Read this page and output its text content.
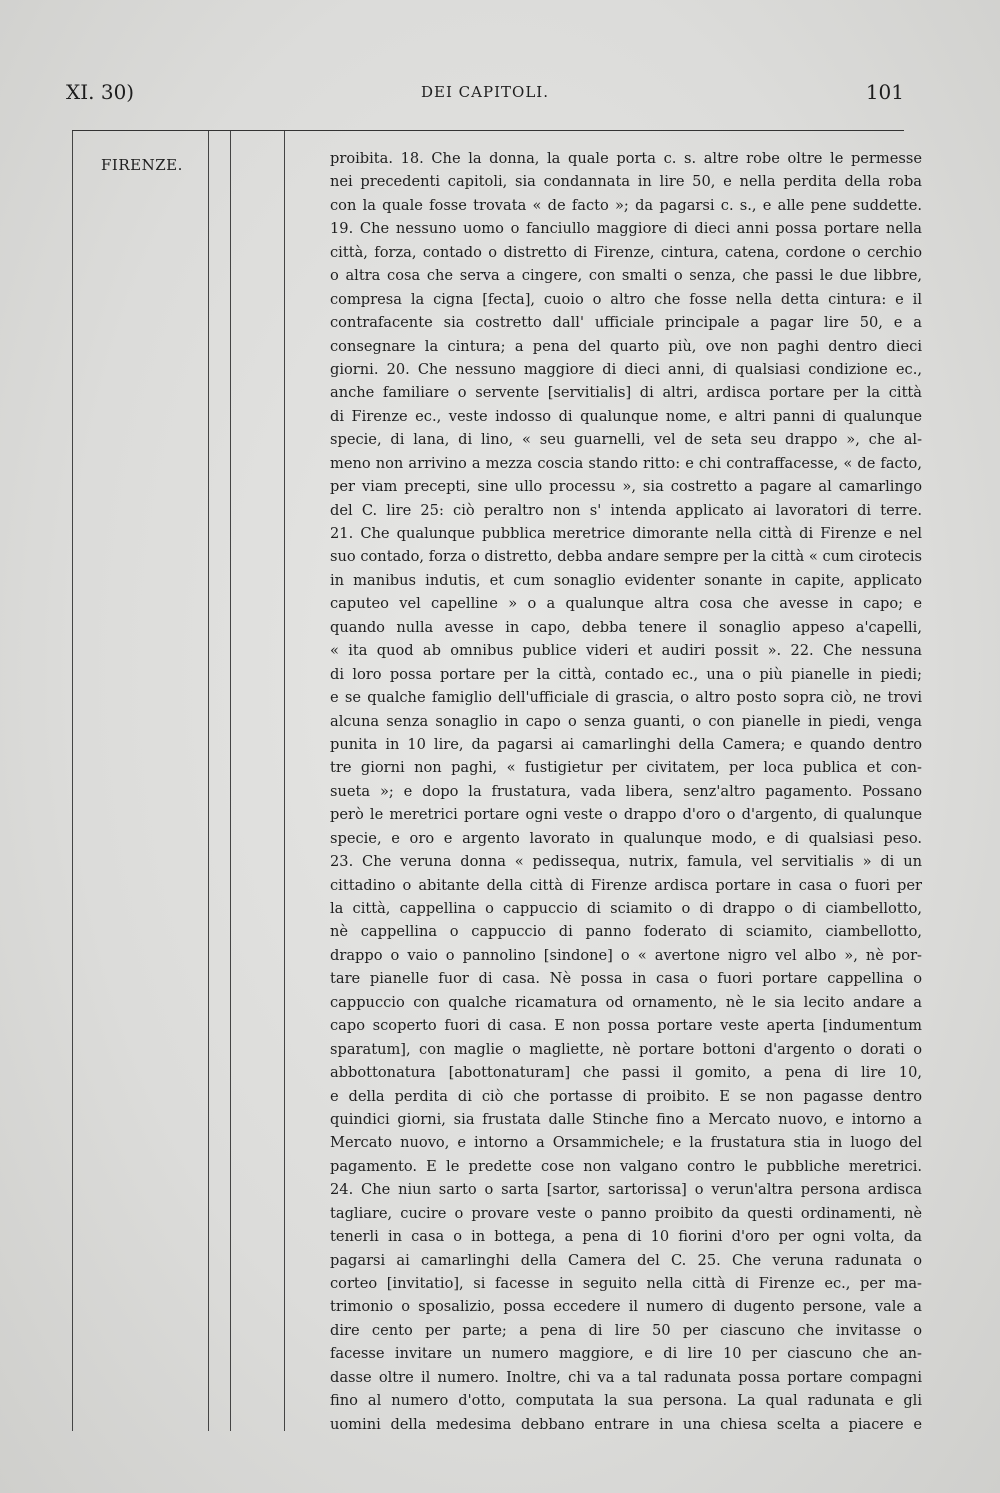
XI. 30)	DEI CAPITOLI.	101
FIRENZE.	proibita. 18. Che la donna, la quale porta c. s. altre robe oltre le permesse
nei precedenti capitoli, sia condannata in lire 50, e nella perdita della roba
con la quale fosse trovata « de facto »; da pagarsi c. s., e alle pene suddette.
19. Che nessuno uomo o fanciullo maggiore di dieci anni possa portare nella
città, forza, contado o distretto di Firenze, cintura, catena, cordone o cerchio
o altra cosa che serva a cingere, con smalti o senza, che passi le due libbre,
compresa la cigna [fecta], cuoio o altro che fosse nella detta cintura: e il
contrafacente sia costretto dall' ufficiale principale a pagar lire 50, e a
consegnare la cintura; a pena del quarto più, ove non paghi dentro dieci
giorni. 20. Che nessuno maggiore di dieci anni, di qualsiasi condizione ec.,
anche familiare o servente [servitialis] di altri, ardisca portare per la città
di Firenze ec., veste indosso di qualunque nome, e altri panni di qualunque
specie, di lana, di lino, « seu guarnelli, vel de seta seu drappo », che al-
meno non arrivino a mezza coscia stando ritto: e chi contraffacesse, « de facto,
per viam precepti, sine ullo processu », sia costretto a pagare al camarlingo
del C. lire 25: ciò peraltro non s' intenda applicato ai lavoratori di terre.
21. Che qualunque pubblica meretrice dimorante nella città di Firenze e nel
suo contado, forza o distretto, debba andare sempre per la città « cum cirotecis
in manibus indutis, et cum sonaglio evidenter sonante in capite, applicato
caputeo vel capelline » o a qualunque altra cosa che avesse in capo; e
quando nulla avesse in capo, debba tenere il sonaglio appeso a'capelli,
« ita quod ab omnibus publice videri et audiri possit ». 22. Che nessuna
di loro possa portare per la città, contado ec., una o più pianelle in piedi;
e se qualche famiglio dell'ufficiale di grascia, o altro posto sopra ciò, ne trovi
alcuna senza sonaglio in capo o senza guanti, o con pianelle in piedi, venga
punita in 10 lire, da pagarsi ai camarlinghi della Camera; e quando dentro
tre giorni non paghi, « fustigietur per civitatem, per loca publica et con-
sueta »; e dopo la frustatura, vada libera, senz'altro pagamento. Possano
però le meretrici portare ogni veste o drappo d'oro o d'argento, di qualunque
specie, e oro e argento lavorato in qualunque modo, e di qualsiasi peso.
23. Che veruna donna « pedissequa, nutrix, famula, vel servitialis » di un
cittadino o abitante della città di Firenze ardisca portare in casa o fuori per
la città, cappellina o cappuccio di sciamito o di drappo o di ciambellotto,
nè cappellina o cappuccio di panno foderato di sciamito, ciambellotto,
drappo o vaio o pannolino [sindone] o « avertone nigro vel albo », nè por-
tare pianelle fuor di casa. Nè possa in casa o fuori portare cappellina o
cappuccio con qualche ricamatura od ornamento, nè le sia lecito andare a
capo scoperto fuori di casa. E non possa portare veste aperta [indumentum
sparatum], con maglie o magliette, nè portare bottoni d'argento o dorati o
abbottonatura [abottonaturam] che passi il gomito, a pena di lire 10,
e della perdita di ciò che portasse di proibito. E se non pagasse dentro
quindici giorni, sia frustata dalle Stinche fino a Mercato nuovo, e intorno a
Mercato nuovo, e intorno a Orsammichele; e la frustatura stia in luogo del
pagamento. E le predette cose non valgano contro le pubbliche meretrici.
24. Che niun sarto o sarta [sartor, sartorissa] o verun'altra persona ardisca
tagliare, cucire o provare veste o panno proibito da questi ordinamenti, nè
tenerli in casa o in bottega, a pena di 10 fiorini d'oro per ogni volta, da
pagarsi ai camarlinghi della Camera del C. 25. Che veruna radunata o
corteo [invitatio], si facesse in seguito nella città di Firenze ec., per ma-
trimonio o sposalizio, possa eccedere il numero di dugento persone, vale a
dire cento per parte; a pena di lire 50 per ciascuno che invitasse o
facesse invitare un numero maggiore, e di lire 10 per ciascuno che an-
dasse oltre il numero. Inoltre, chi va a tal radunata possa portare compagni
fino al numero d'otto, computata la sua persona. La qual radunata e gli
uomini della medesima debbano entrare in una chiesa scelta a piacere e
